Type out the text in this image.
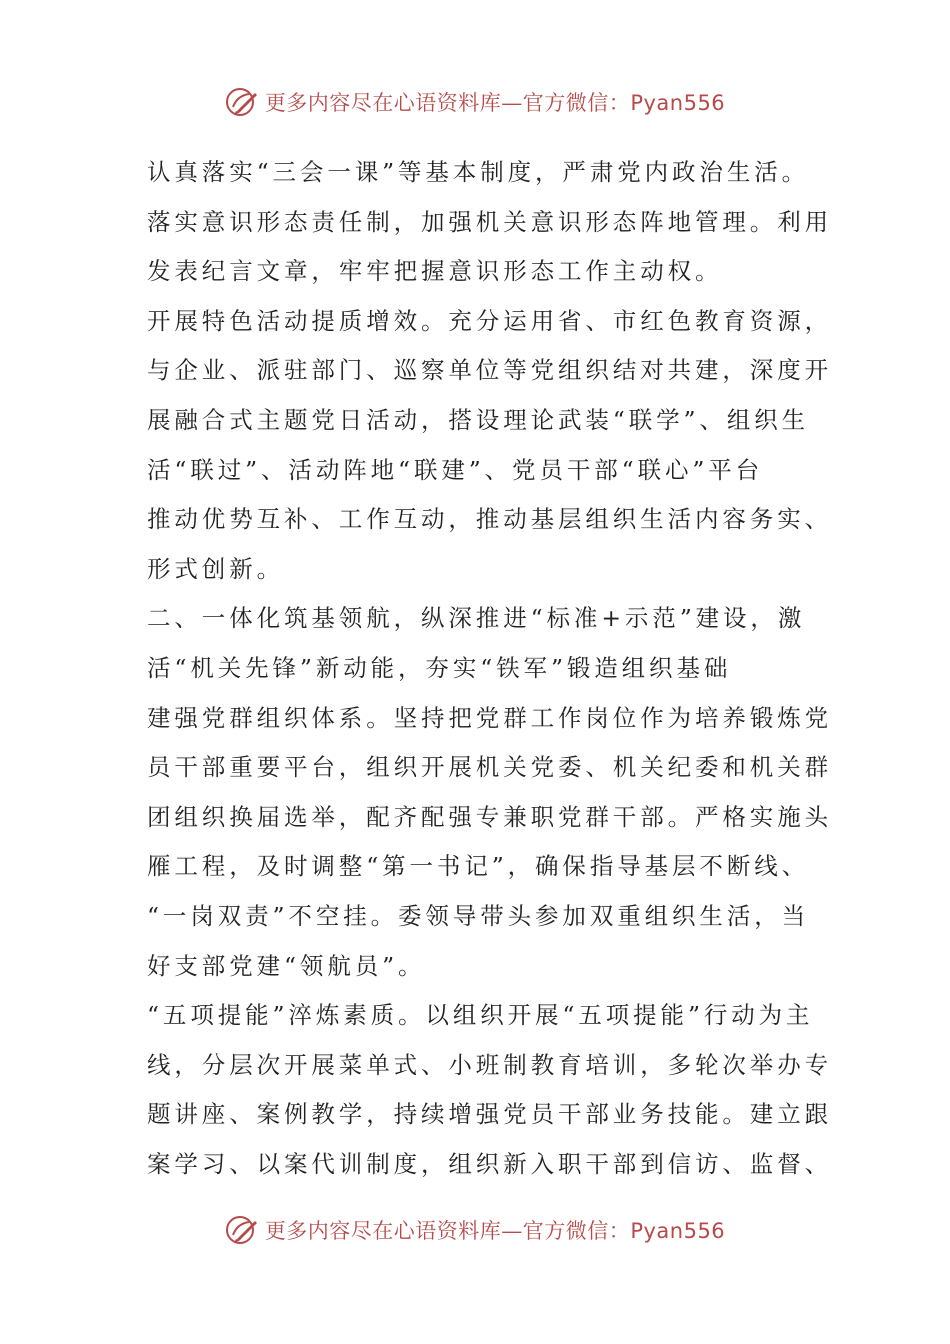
更多内容尽在心语资料库—官方微信：Pyan556
认真落实“三会一课”等基本制度，严肃党内政治生活。
落实意识形态责任制，加强机关意识形态阵地管理。利用
发表纪言文章，牢牢把握意识形态工作主动权。
开展特色活动提质增效。充分运用省、市红色教育资源，
与企业、派驻部门、巡察单位等党组织结对共建，深度开
展融合式主题党日活动，搭设理论武装“联学”、组织生
活“联过”、活动阵地“联建”、党员干部“联心”平台
推动优势互补、工作互动，推动基层组织生活内容务实、
形式创新。
二、一体化筑基领航，纵深推进“标准+示范”建设，激
活“机关先锋”新动能，夯实“铁军”锻造组织基础
建强党群组织体系。坚持把党群工作岗位作为培养锻炼党
员干部重要平台，组织开展机关党委、机关纪委和机关群
团组织换届选举，配齐配强专兼职党群干部。严格实施头
雁工程，及时调整“第一书记”，确保指导基层不断线、
“一岗双责”不空挂。委领导带头参加双重组织生活，当
好支部党建“领航员”。
“五项提能”淬炼素质。以组织开展“五项提能”行动为主
线，分层次开展菜单式、小班制教育培训，多轮次举办专
题讲座、案例教学，持续增强党员干部业务技能。建立跟
案学习、以案代训制度，组织新入职干部到信访、监督、
更多内容尽在心语资料库—官方微信：Pyan556
